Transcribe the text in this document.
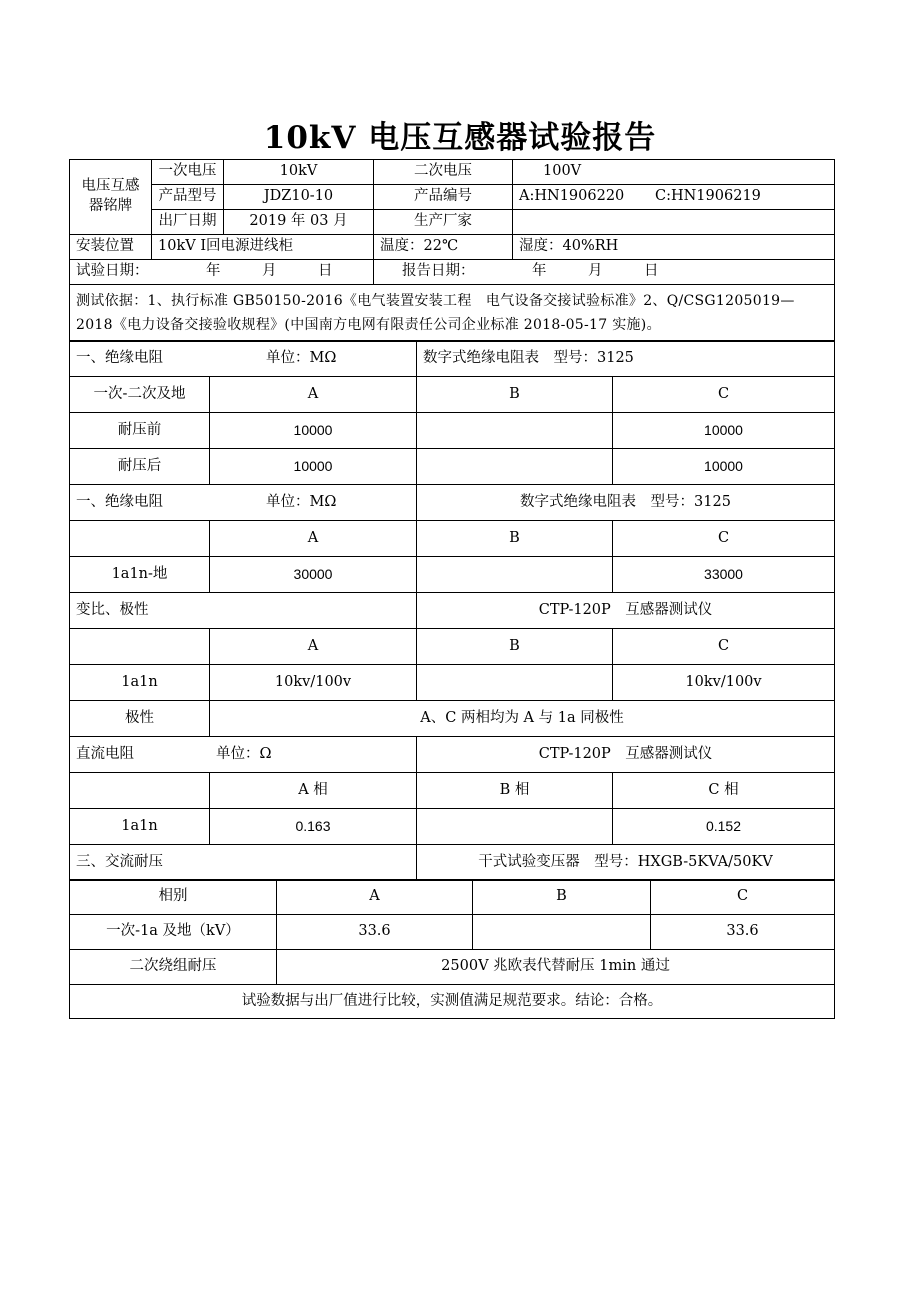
10kV 电压互感器试验报告
电压互感器铭牌	一次电压	10kV	二次电压	100V
	产品型号	JDZ10-10	产品编号	A:HN1906220 C:HN1906219
	出厂日期	2019 年 03 月	生产厂家	
安装位置	10kV Ⅰ回电源进线柜		温度：22℃	湿度：40%RH
试验日期： 年 月 日			报告日期： 年 月 日	
测试依据：1、执行标准 GB50150-2016《电气装置安装工程　电气设备交接试验标准》2、Q/CSG1205019—2018《电力设备交接验收规程》(中国南方电网有限责任公司企业标准 2018-05-17 实施)。				
一、绝缘电阻 单位：MΩ		数字式绝缘电阻表　型号：3125	
一次-二次及地	A	B	C
耐压前	10000		10000
耐压后	10000		10000
一、绝缘电阻 单位：MΩ		数字式绝缘电阻表　型号：3125	
	A	B	C
1a1n-地	30000		33000
变比、极性		CTP-120P　互感器测试仪	
	A	B	C
1a1n	10kv/100v		10kv/100v
极性	A、C 两相均为 A 与 1a 同极性		
直流电阻 单位：Ω		CTP-120P　互感器测试仪	
	A 相	B 相	C 相
1a1n	0.163		0.152
三、交流耐压		干式试验变压器　型号：HXGB-5KVA/50KV	
相别	A	B	C
一次-1a 及地（kV）	33.6		33.6
二次绕组耐压	2500V 兆欧表代替耐压 1min 通过		
试验数据与出厂值进行比较，实测值满足规范要求。结论：合格。			
